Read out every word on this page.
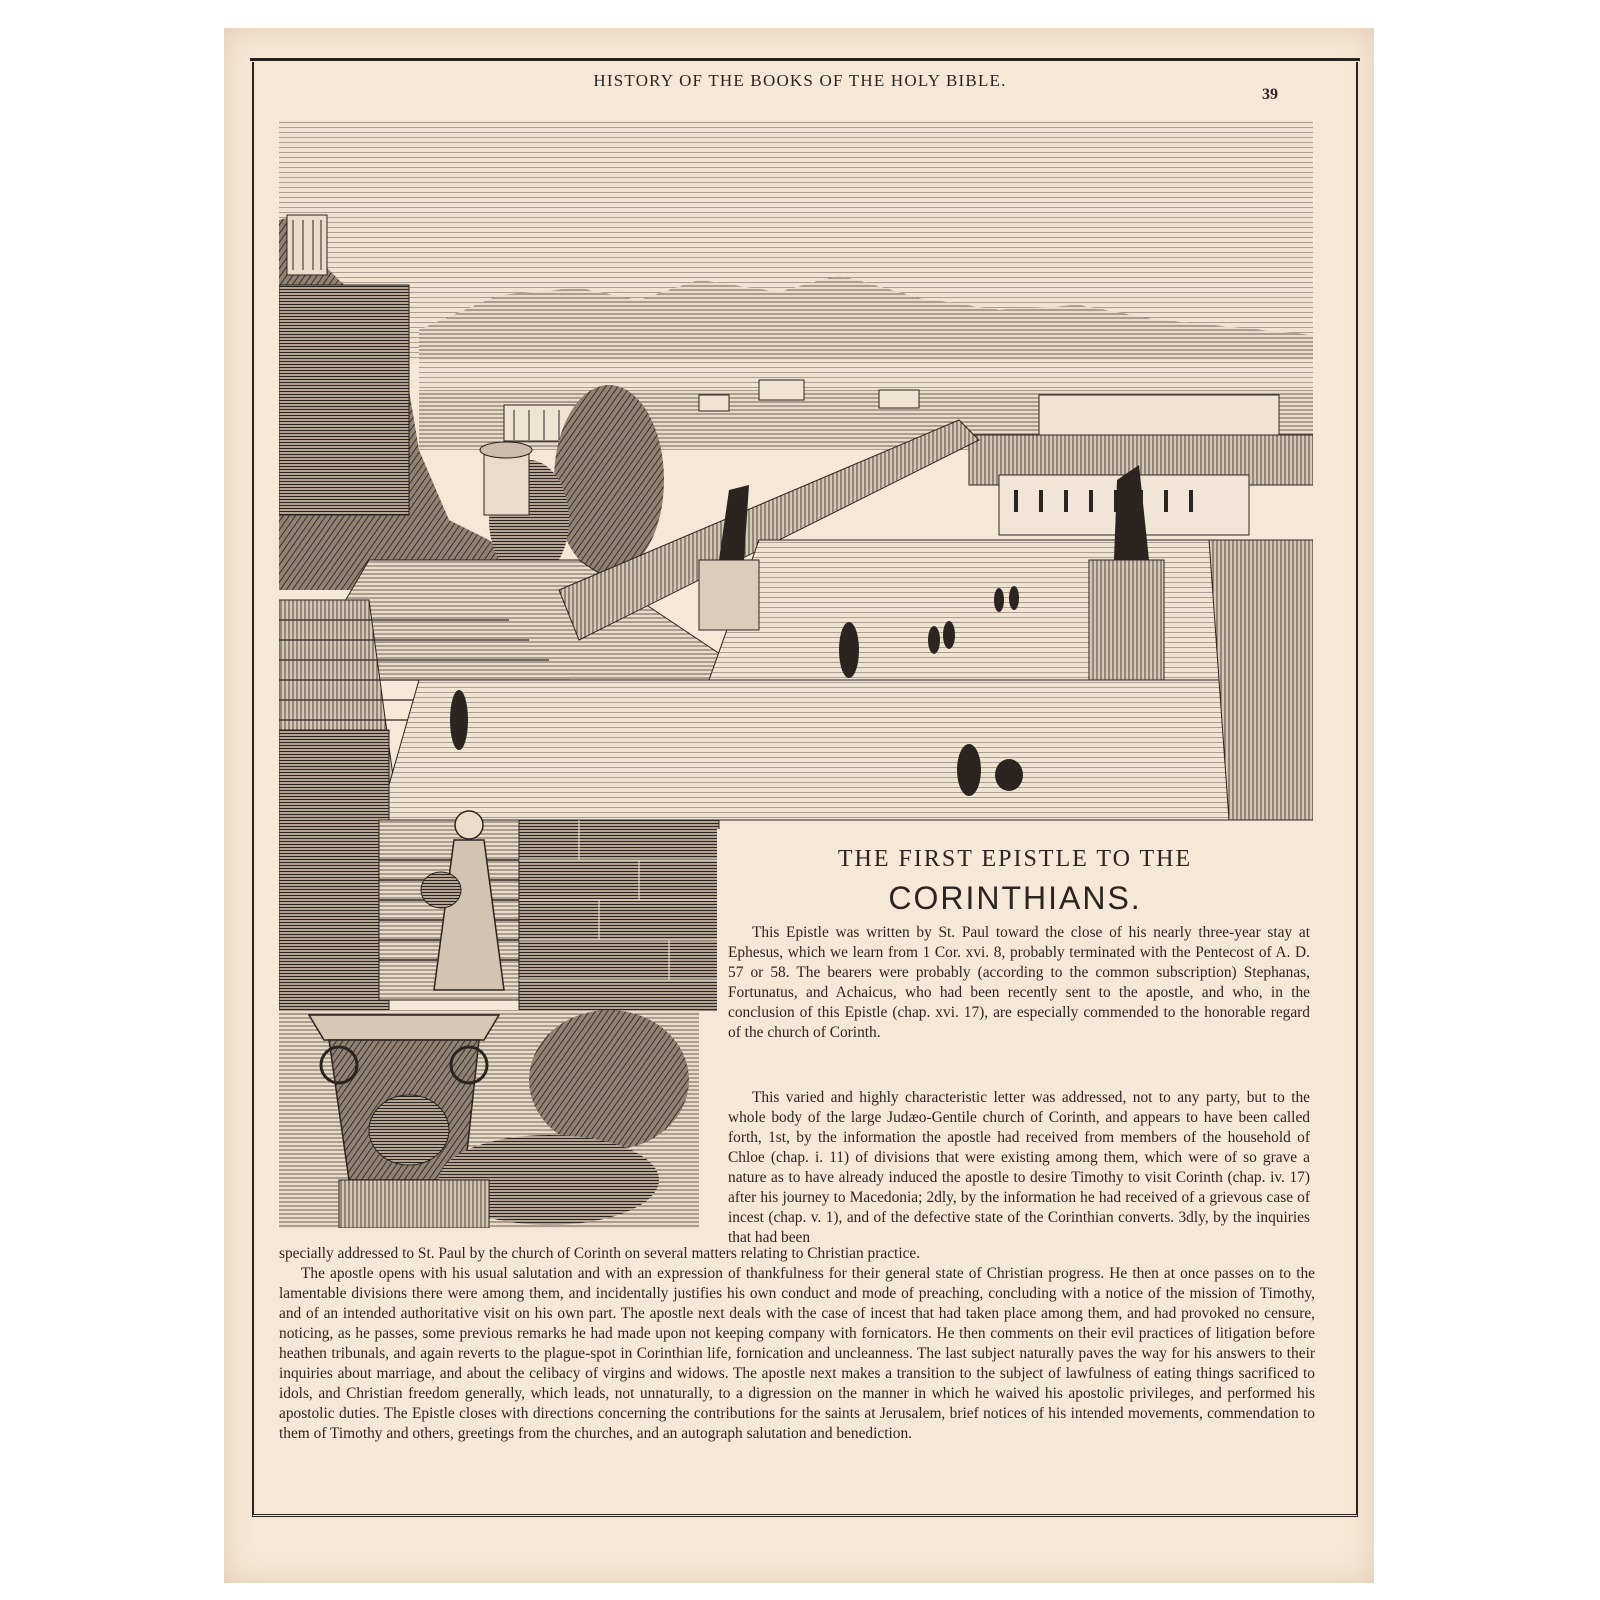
HISTORY OF THE BOOKS OF THE HOLY BIBLE.
39
THE FIRST EPISTLE TO THE
CORINTHIANS.

This Epistle was written by St. Paul toward the close of his nearly three-year stay at Ephesus, which we learn from 1 Cor. xvi. 8, probably terminated with the Pentecost of A. D. 57 or 58. The bearers were probably (according to the common subscription) Stephanas, Fortunatus, and Achaicus, who had been recently sent to the apostle, and who, in the conclusion of this Epistle (chap. xvi. 17), are especially commended to the honorable regard of the church of Corinth.

This varied and highly characteristic letter was addressed, not to any party, but to the whole body of the large Judæo-Gentile church of Corinth, and appears to have been called forth, 1st, by the information the apostle had received from members of the household of Chloe (chap. i. 11) of divisions that were existing among them, which were of so grave a nature as to have already induced the apostle to desire Timothy to visit Corinth (chap. iv. 17) after his journey to Macedonia; 2dly, by the information he had received of a grievous case of incest (chap. v. 1), and of the defective state of the Corinthian converts. 3dly, by the inquiries that had been

specially addressed to St. Paul by the church of Corinth on several matters relating to Christian practice.

The apostle opens with his usual salutation and with an expression of thankfulness for their general state of Christian progress. He then at once passes on to the lamentable divisions there were among them, and incidentally justifies his own conduct and mode of preaching, concluding with a notice of the mission of Timothy, and of an intended authoritative visit on his own part. The apostle next deals with the case of incest that had taken place among them, and had provoked no censure, noticing, as he passes, some previous remarks he had made upon not keeping company with fornicators. He then comments on their evil practices of litigation before heathen tribunals, and again reverts to the plague-spot in Corinthian life, fornication and uncleanness. The last subject naturally paves the way for his answers to their inquiries about marriage, and about the celibacy of virgins and widows. The apostle next makes a transition to the subject of lawfulness of eating things sacrificed to idols, and Christian freedom generally, which leads, not unnaturally, to a digression on the manner in which he waived his apostolic privileges, and performed his apostolic duties. The Epistle closes with directions concerning the contributions for the saints at Jerusalem, brief notices of his intended movements, commendation to them of Timothy and others, greetings from the churches, and an autograph salutation and benediction.
